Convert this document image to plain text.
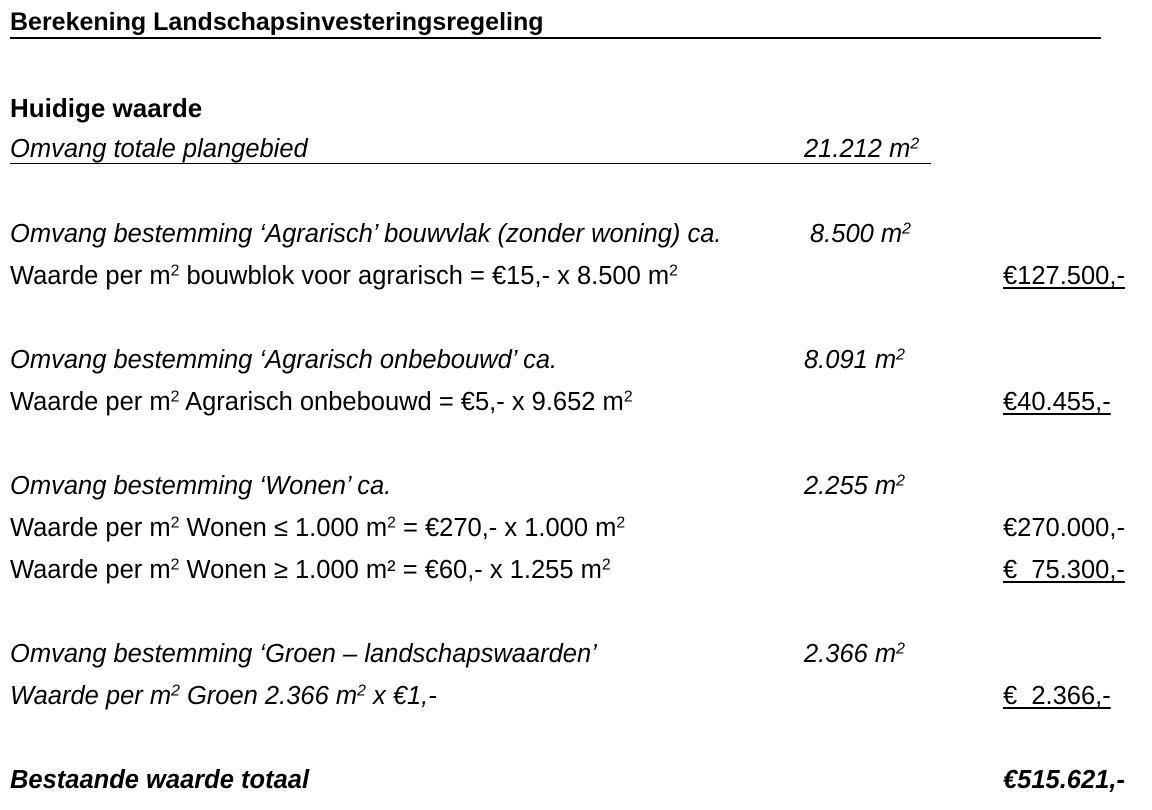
Berekening Landschapsinvesteringsregeling
Huidige waarde
Omvang totale plangebied	21.212 $m^2$
Omvang bestemming ‘Agrarisch’ bouwvlak (zonder woning) ca.	8.500 $m^2$
Waarde per $m^2$ bouwblok voor agrarisch = €15,- x 8.500 $m^2$	€127.500,-
Omvang bestemming ‘Agrarisch onbebouwd’ ca.	8.091 $m^2$
Waarde per $m^2$ Agrarisch onbebouwd = €5,- x 9.652 $m^2$	€40.455,-
Omvang bestemming ‘Wonen’ ca.	2.255 $m^2$
Waarde per $m^2$ Wonen ≤ 1.000 $m^2$ = €270,- x 1.000 $m^2$	€270.000,-
Waarde per $m^2$ Wonen ≥ 1.000 m² = €60,- x 1.255 $m^2$	€  75.300,-
Omvang bestemming ‘Groen – landschapswaarden’	2.366 $m^2$
Waarde per $m^2$ Groen 2.366 $m^2$ x €1,-	€  2.366,-
Bestaande waarde totaal	€515.621,-
